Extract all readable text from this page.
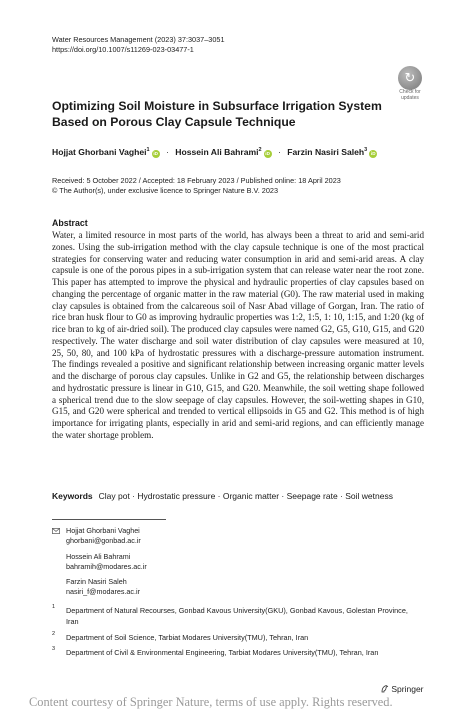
Water Resources Management (2023) 37:3037–3051
https://doi.org/10.1007/s11269-023-03477-1
↻
Check for
updates
Optimizing Soil Moisture in Subsurface Irrigation System Based on Porous Clay Capsule Technique
Hojjat Ghorbani Vaghei$^1$iD · Hossein Ali Bahrami$^2$iD · Farzin Nasiri Saleh$^3$iD
Received: 5 October 2022 / Accepted: 18 February 2023 / Published online: 18 April 2023
© The Author(s), under exclusive licence to Springer Nature B.V. 2023
Abstract

Water, a limited resource in most parts of the world, has always been a threat to arid and semi-arid zones. Using the sub-irrigation method with the clay capsule technique is one of the most practical strategies for conserving water and reducing water consumption in arid and semi-arid areas. A clay capsule is one of the porous pipes in a sub-irrigation system that can release water near the root zone. This paper has attempted to improve the physical and hydraulic properties of clay capsules based on changing the percentage of organic matter in the raw material (G0). The raw material used in making clay capsules is obtained from the calcareous soil of Nasr Abad village of Gorgan, Iran. The ratio of rice bran husk flour to G0 as improving hydraulic properties was 1:2, 1:5, 1: 10, 1:15, and 1:20 (kg of rice bran to kg of air-dried soil). The produced clay capsules were named G2, G5, G10, G15, and G20 respectively. The water discharge and soil water distribution of clay capsules were measured at 10, 25, 50, 80, and 100 kPa of hydrostatic pressures with a discharge-pressure automation instrument. The findings revealed a positive and significant relationship between increasing organic matter levels and the discharge of porous clay capsules. Unlike in G2 and G5, the relationship between discharges and hydrostatic pressure is linear in G10, G15, and G20. Meanwhile, the soil wetting shape followed a spherical trend due to the slow seepage of clay capsules. However, the soil-wetting shapes in G10, G15, and G20 were spherical and trended to vertical ellipsoids in G5 and G2. This method is of high importance for irrigating plants, especially in arid and semi-arid regions, and can efficiently manage the water shortage problem.

Keywords Clay pot · Hydrostatic pressure · Organic matter · Seepage rate · Soil wetness
Hojjat Ghorbani Vaghei
ghorbani@gonbad.ac.ir
Hossein Ali Bahrami
bahramih@modares.ac.ir
Farzin Nasiri Saleh
nasiri_f@modares.ac.ir
1 Department of Natural Recourses, Gonbad Kavous University(GKU), Gonbad Kavous, Golestan Province, Iran
2 Department of Soil Science, Tarbiat Modares University(TMU), Tehran, Iran
3 Department of Civil & Environmental Engineering, Tarbiat Modares University(TMU), Tehran, Iran
Springer
Content courtesy of Springer Nature, terms of use apply. Rights reserved.
